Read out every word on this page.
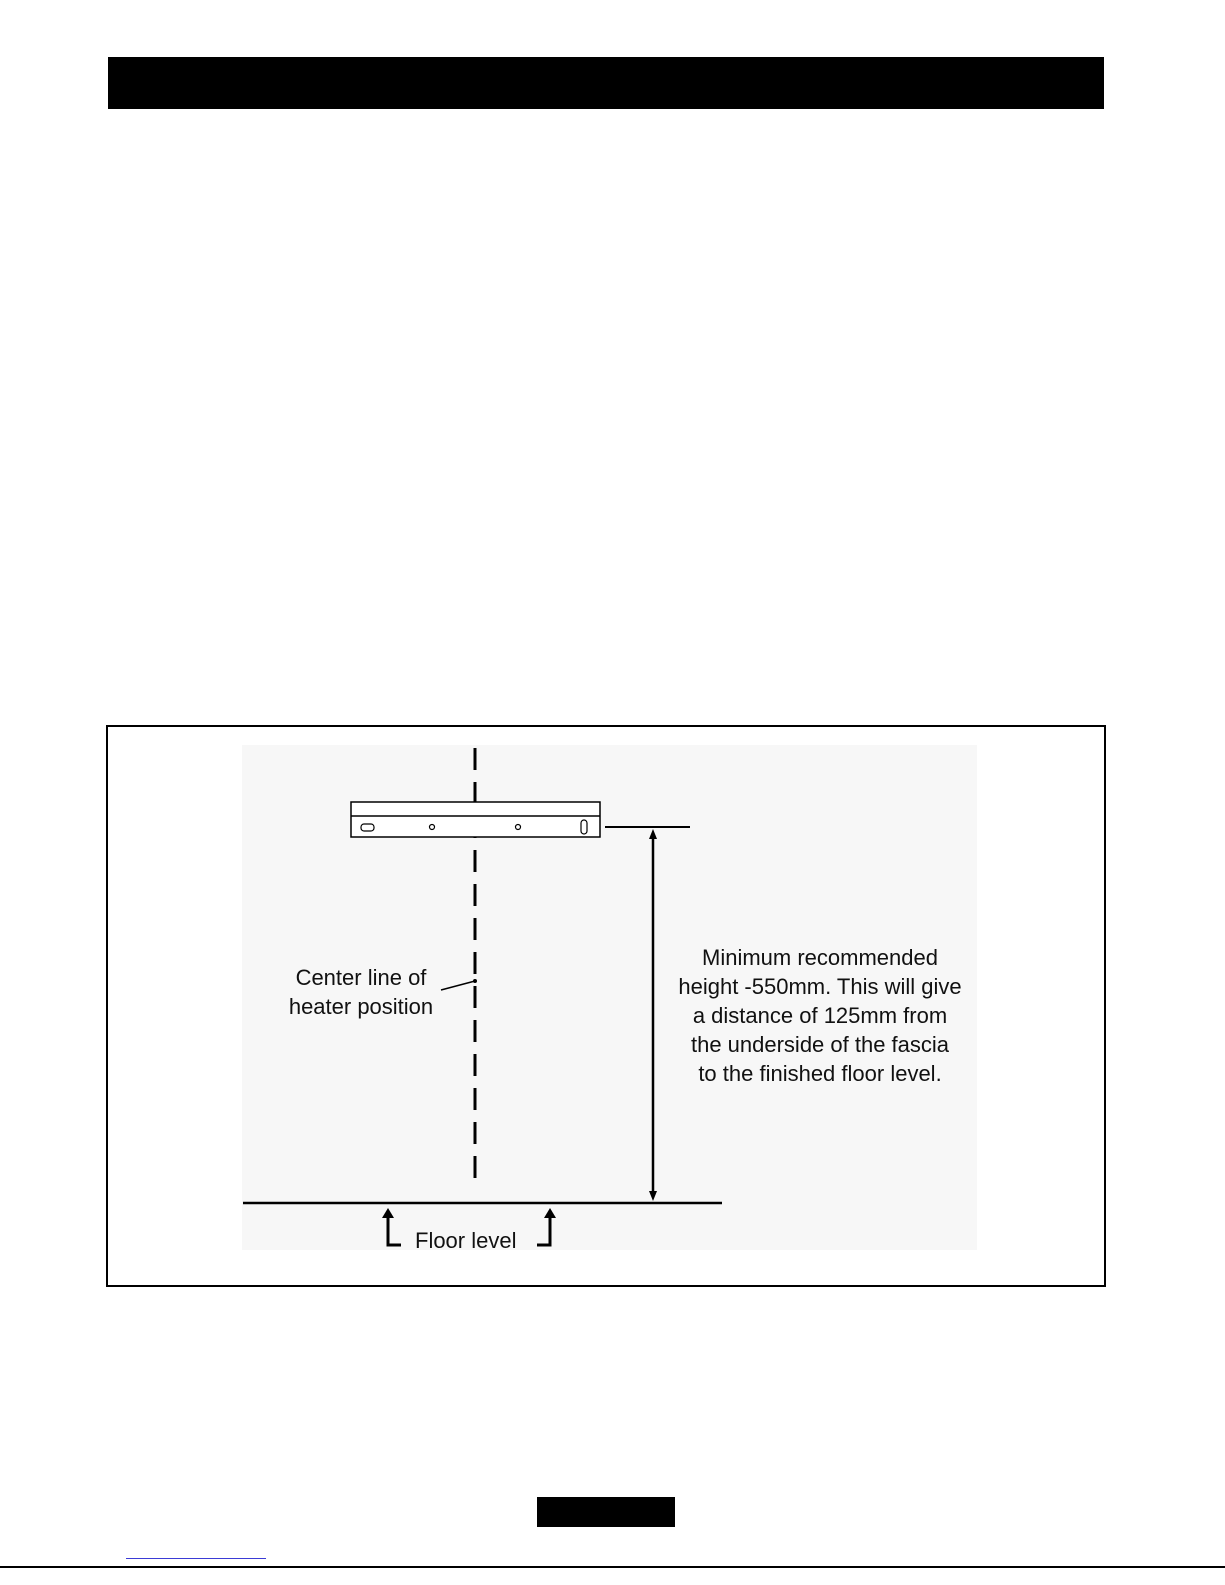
Center line of
heater position
Minimum recommended
height -550mm. This will give
a distance of 125mm from
the underside of the fascia
to the finished floor level.
Floor level
